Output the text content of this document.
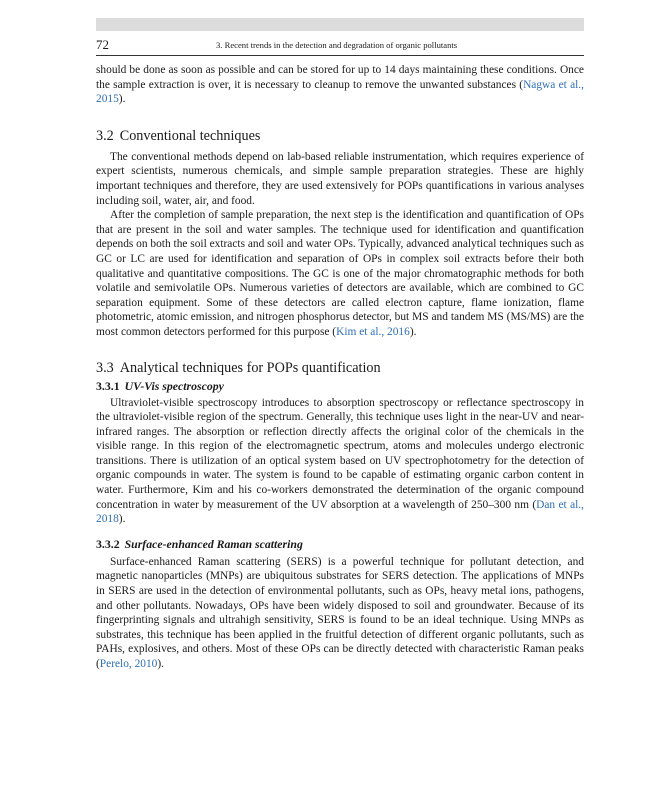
72	3. Recent trends in the detection and degradation of organic pollutants

should be done as soon as possible and can be stored for up to 14 days maintaining these conditions. Once the sample extraction is over, it is necessary to cleanup to remove the unwanted substances (Nagwa et al., 2015).

3.2 Conventional techniques

The conventional methods depend on lab-based reliable instrumentation, which requires experience of expert scientists, numerous chemicals, and simple sample preparation strategies. These are highly important techniques and therefore, they are used extensively for POPs quantifications in various analyses including soil, water, air, and food.

After the completion of sample preparation, the next step is the identification and quantification of OPs that are present in the soil and water samples. The technique used for identification and quantification depends on both the soil extracts and soil and water OPs. Typically, advanced analytical techniques such as GC or LC are used for identification and separation of OPs in complex soil extracts before their both qualitative and quantitative compositions. The GC is one of the major chromatographic methods for both volatile and semivolatile OPs. Numerous varieties of detectors are available, which are combined to GC separation equipment. Some of these detectors are called electron capture, flame ionization, flame photometric, atomic emission, and nitrogen phosphorus detector, but MS and tandem MS (MS/MS) are the most common detectors performed for this purpose (Kim et al., 2016).

3.3 Analytical techniques for POPs quantification
3.3.1 UV-Vis spectroscopy

Ultraviolet-visible spectroscopy introduces to absorption spectroscopy or reflectance spectroscopy in the ultraviolet-visible region of the spectrum. Generally, this technique uses light in the near-UV and near-infrared ranges. The absorption or reflection directly affects the original color of the chemicals in the visible range. In this region of the electromagnetic spectrum, atoms and molecules undergo electronic transitions. There is utilization of an optical system based on UV spectrophotometry for the detection of organic compounds in water. The system is found to be capable of estimating organic carbon content in water. Furthermore, Kim and his co-workers demonstrated the determination of the organic compound concentration in water by measurement of the UV absorption at a wavelength of 250–300 nm (Dan et al., 2018).

3.3.2 Surface-enhanced Raman scattering

Surface-enhanced Raman scattering (SERS) is a powerful technique for pollutant detection, and magnetic nanoparticles (MNPs) are ubiquitous substrates for SERS detection. The applications of MNPs in SERS are used in the detection of environmental pollutants, such as OPs, heavy metal ions, pathogens, and other pollutants. Nowadays, OPs have been widely disposed to soil and groundwater. Because of its fingerprinting signals and ultrahigh sensitivity, SERS is found to be an ideal technique. Using MNPs as substrates, this technique has been applied in the fruitful detection of different organic pollutants, such as PAHs, explosives, and others. Most of these OPs can be directly detected with characteristic Raman peaks (Perelo, 2010).
